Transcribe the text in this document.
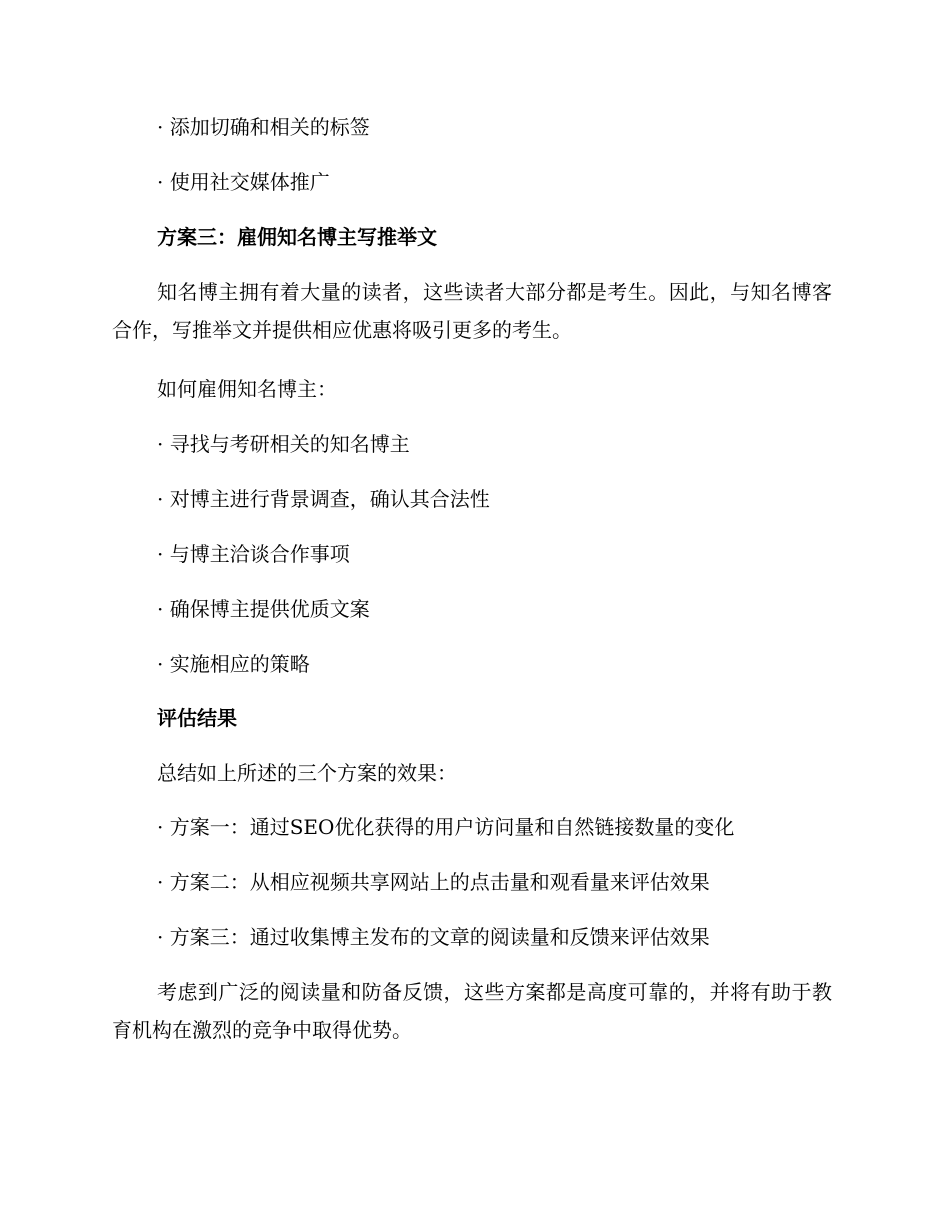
· 添加切确和相关的标签
· 使用社交媒体推广
方案三：雇佣知名博主写推举文
知名博主拥有着大量的读者，这些读者大部分都是考生。因此，与知名博客合作，写推举文并提供相应优惠将吸引更多的考生。
如何雇佣知名博主：
· 寻找与考研相关的知名博主
· 对博主进行背景调查，确认其合法性
· 与博主洽谈合作事项
· 确保博主提供优质文案
· 实施相应的策略
评估结果
总结如上所述的三个方案的效果：
· 方案一：通过SEO优化获得的用户访问量和自然链接数量的变化
· 方案二：从相应视频共享网站上的点击量和观看量来评估效果
· 方案三：通过收集博主发布的文章的阅读量和反馈来评估效果
考虑到广泛的阅读量和防备反馈，这些方案都是高度可靠的，并将有助于教育机构在激烈的竞争中取得优势。
